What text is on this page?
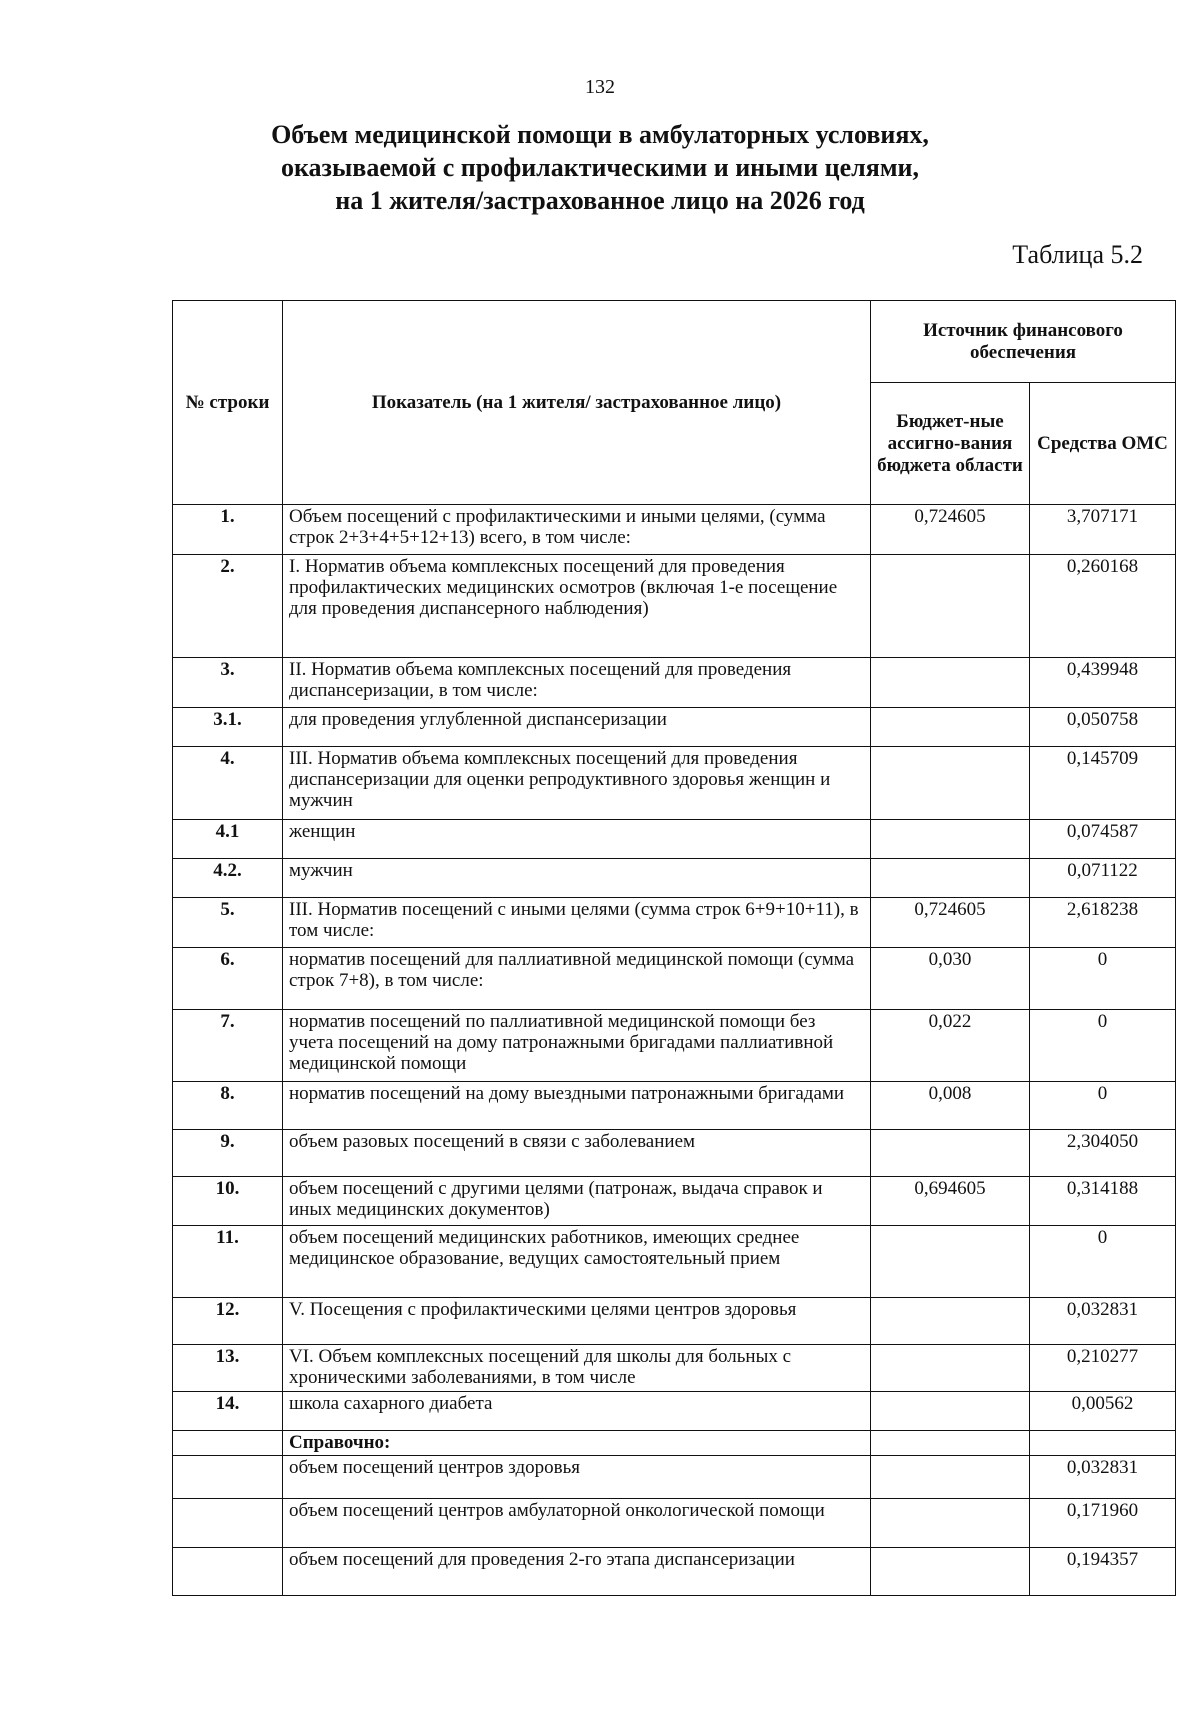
132
Объем медицинской помощи в амбулаторных условиях,
оказываемой с профилактическими и иными целями,
на 1 жителя/застрахованное лицо на 2026 год
Таблица 5.2
№ строки	Показатель (на 1 жителя/ застрахованное лицо)	Источник финансового обеспечения	
		Бюджет-ные ассигно-вания бюджета области	Средства ОМС
1.	Объем посещений с профилактическими и иными целями, (сумма строк 2+3+4+5+12+13) всего, в том числе:	0,724605	3,707171
2.	I. Норматив объема комплексных посещений для проведения профилактических медицинских осмотров (включая 1-е посещение для проведения диспансерного наблюдения)		0,260168
3.	II. Норматив объема комплексных посещений для проведения диспансеризации, в том числе:		0,439948
3.1.	для проведения углубленной диспансеризации		0,050758
4.	III. Норматив объема комплексных посещений для проведения диспансеризации для оценки репродуктивного здоровья женщин и мужчин		0,145709
4.1	женщин		0,074587
4.2.	мужчин		0,071122
5.	III. Норматив посещений с иными целями (сумма строк 6+9+10+11), в том числе:	0,724605	2,618238
6.	норматив посещений для паллиативной медицинской помощи (сумма строк 7+8), в том числе:	0,030	0
7.	норматив посещений по паллиативной медицинской помощи без учета посещений на дому патронажными бригадами паллиативной медицинской помощи	0,022	0
8.	норматив посещений на дому выездными патронажными бригадами	0,008	0
9.	объем разовых посещений в связи с заболеванием		2,304050
10.	объем посещений с другими целями (патронаж, выдача справок и иных медицинских документов)	0,694605	0,314188
11.	объем посещений медицинских работников, имеющих среднее медицинское образование, ведущих самостоятельный прием		0
12.	V. Посещения с профилактическими целями центров здоровья		0,032831
13.	VI. Объем комплексных посещений для школы для больных с хроническими заболеваниями, в том числе		0,210277
14.	школа сахарного диабета		0,00562
	Справочно:		
	объем посещений центров здоровья		0,032831
	объем посещений центров амбулаторной онкологической помощи		0,171960
	объем посещений для проведения 2-го этапа диспансеризации		0,194357
